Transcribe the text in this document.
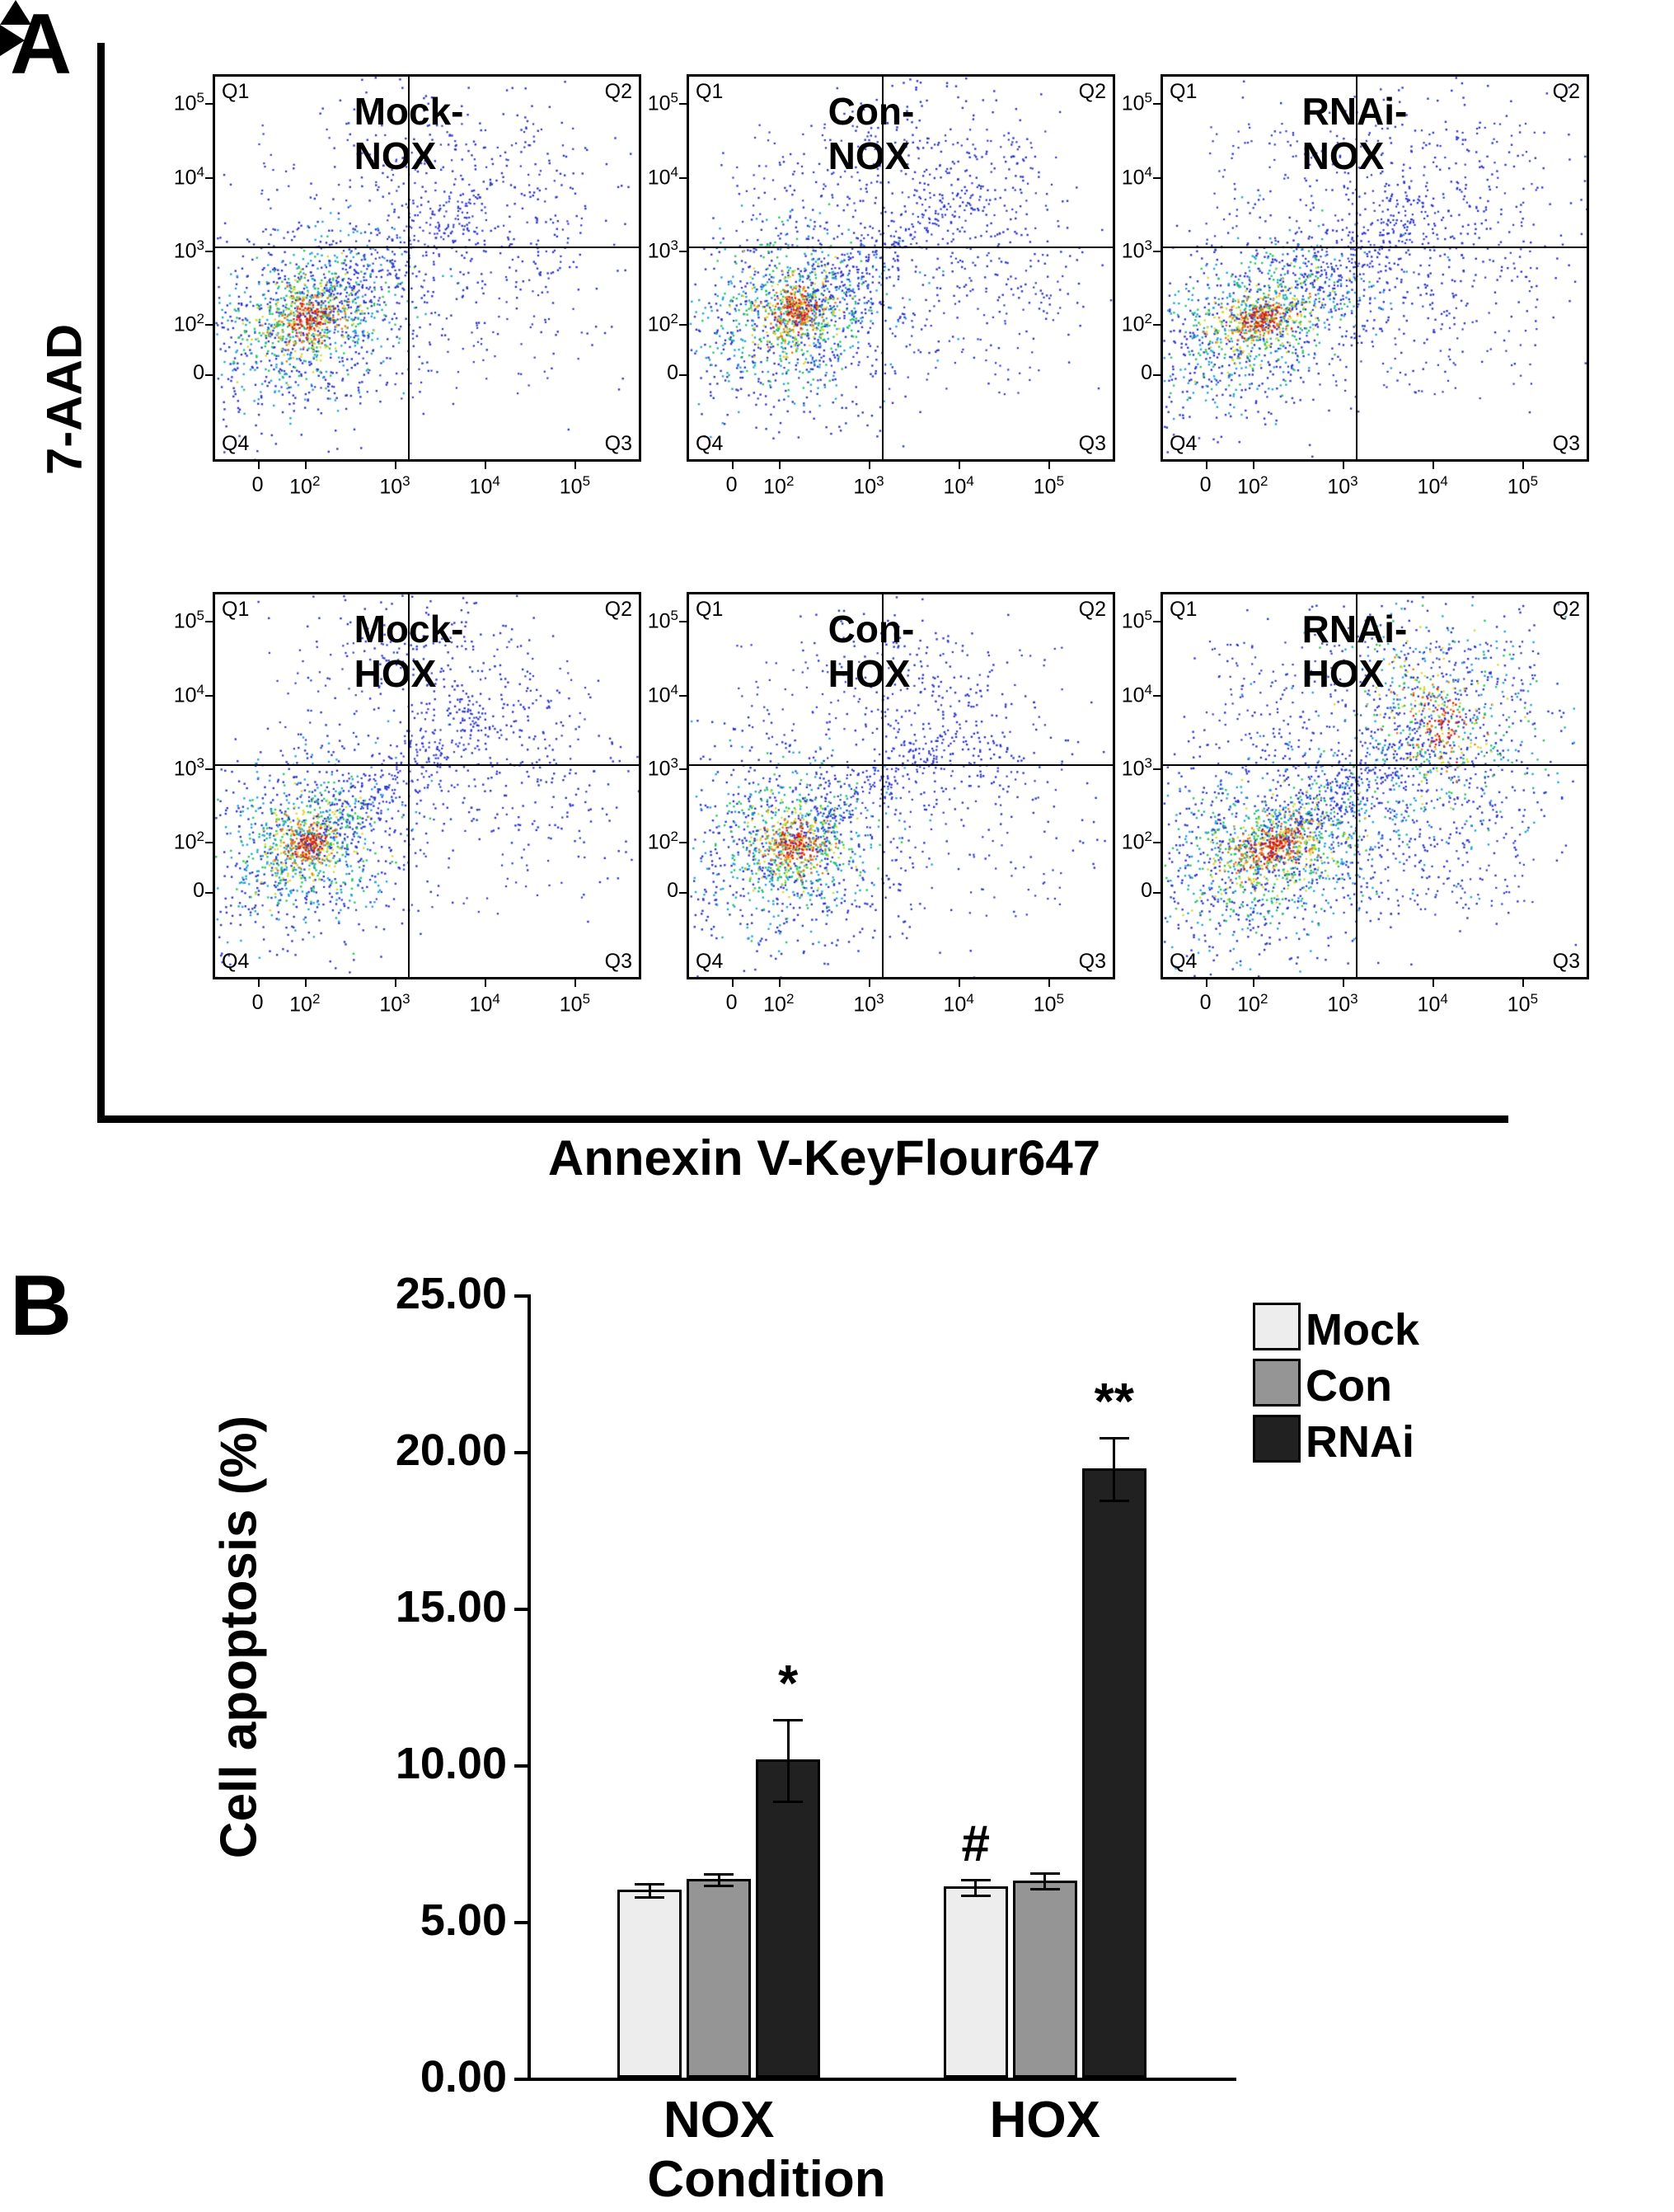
A
7-AAD
Annexin V-KeyFlour647
Q1	Q2
Q3
Q4
Mock-NOX
$10^5$
$10^4$
$10^3$
$10^2$
0
0	$10^2$	$10^3$	$10^4$	$10^5$
Q1	Q2
Q3
Q4
Con-NOX
$10^5$
$10^4$
$10^3$
$10^2$
0
0	$10^2$	$10^3$	$10^4$	$10^5$
Q1	Q2
Q3
Q4
RNAi-NOX
$10^5$
$10^4$
$10^3$
$10^2$
0
0	$10^2$	$10^3$	$10^4$	$10^5$
Q1	Q2
Q3
Q4
Mock-HOX
$10^5$
$10^4$
$10^3$
$10^2$
0
0	$10^2$	$10^3$	$10^4$	$10^5$
Q1	Q2
Q3
Q4
Con-HOX
$10^5$
$10^4$
$10^3$
$10^2$
0
0	$10^2$	$10^3$	$10^4$	$10^5$
Q1	Q2
Q3
Q4
RNAi-HOX
$10^5$
$10^4$
$10^3$
$10^2$
0
0	$10^2$	$10^3$	$10^4$	$10^5$
B
Cell apoptosis (%)
Condition
0.00
5.00
10.00
15.00
20.00
25.00
*
NOX
#
**
HOX
Mock
Con
RNAi
